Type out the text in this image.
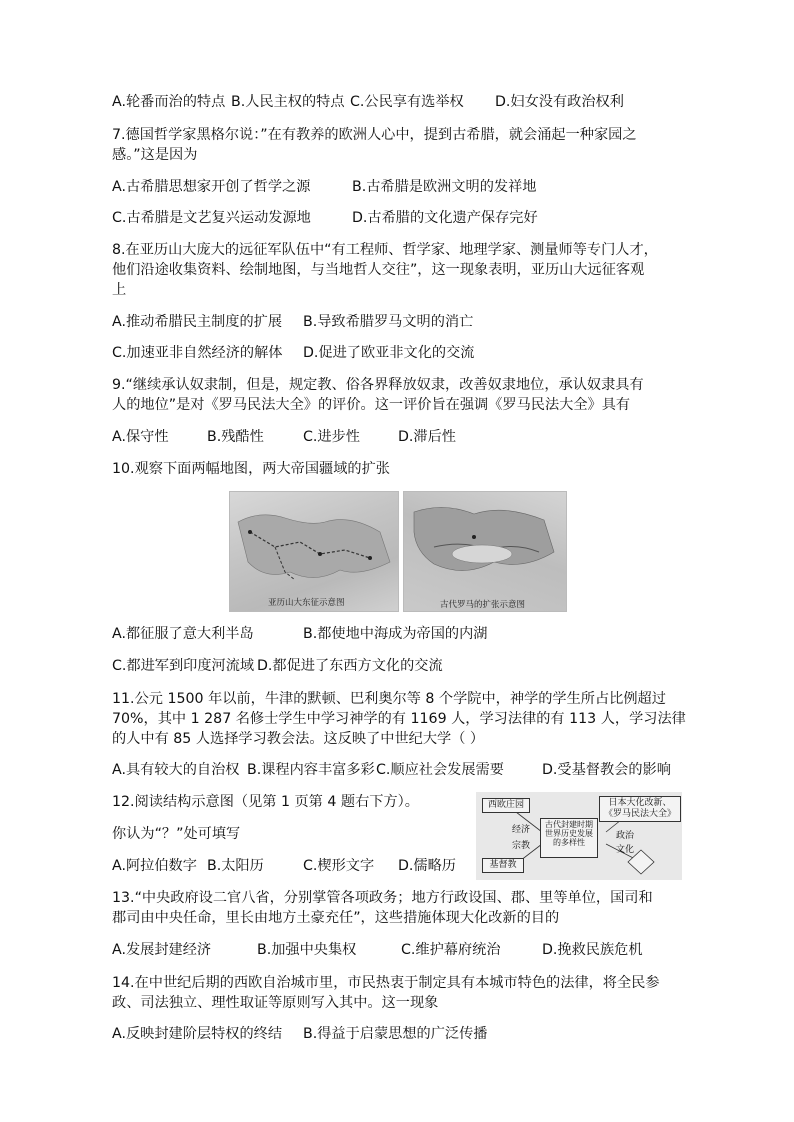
A.轮番而治的特点 B.人民主权的特点 C.公民享有选举权 D.妇女没有政治权利
7.德国哲学家黑格尔说：”在有教养的欧洲人心中，提到古希腊，就会涌起一种家园之
感。”这是因为
A.古希腊思想家开创了哲学之源	B.古希腊是欧洲文明的发祥地
C.古希腊是文艺复兴运动发源地	D.古希腊的文化遗产保存完好
8.在亚历山大庞大的远征军队伍中“有工程师、哲学家、地理学家、测量师等专门人才，
他们沿途收集资料、绘制地图，与当地哲人交往”，这一现象表明，亚历山大远征客观
上
A.推动希腊民主制度的扩展 B.导致希腊罗马文明的消亡
C.加速亚非自然经济的解体 D.促进了欧亚非文化的交流
9.“继续承认奴隶制，但是，规定教、俗各界释放奴隶，改善奴隶地位，承认奴隶具有
人的地位”是对《罗马民法大全》的评价。这一评价旨在强调《罗马民法大全》具有
A.保守性	B.残酷性	C.进步性	D.滞后性
10.观察下面两幅地图，两大帝国疆域的扩张
亚历山大东征示意图	古代罗马的扩张示意图
A.都征服了意大利半岛	B.都使地中海成为帝国的内湖
C.都进军到印度河流域 D.都促进了东西方文化的交流
11.公元 1500 年以前，牛津的默顿、巴利奥尔等 8 个学院中，神学的学生所占比例超过
70%，其中 1 287 名修士学生中学习神学的有 1169 人，学习法律的有 113 人，学习法律
的人中有 85 人选择学习教会法。这反映了中世纪大学（ ）
A.具有较大的自治权 B.课程内容丰富多彩 C.顺应社会发展需要	D.受基督教会的影响
12.阅读结构示意图（见第 1 页第 4 题右下方）。
你认为“？”处可填写
A.阿拉伯数字 B.太阳历	C.楔形文字 D.儒略历
西欧庄园	日本大化改新、
《罗马民法大全》
古代封建时期世界历史发展的多样性
基督教
经济
宗教
政治
文化
13.“中央政府设二官八省，分别掌管各项政务；地方行政设国、郡、里等单位，国司和
郡司由中央任命，里长由地方土豪充任”，这些措施体现大化改新的目的
A.发展封建经济	B.加强中央集权	C.维护幕府统治	D.挽救民族危机
14.在中世纪后期的西欧自治城市里，市民热衷于制定具有本城市特色的法律，将全民参
政、司法独立、理性取证等原则写入其中。这一现象
A.反映封建阶层特权的终结 B.得益于启蒙思想的广泛传播
